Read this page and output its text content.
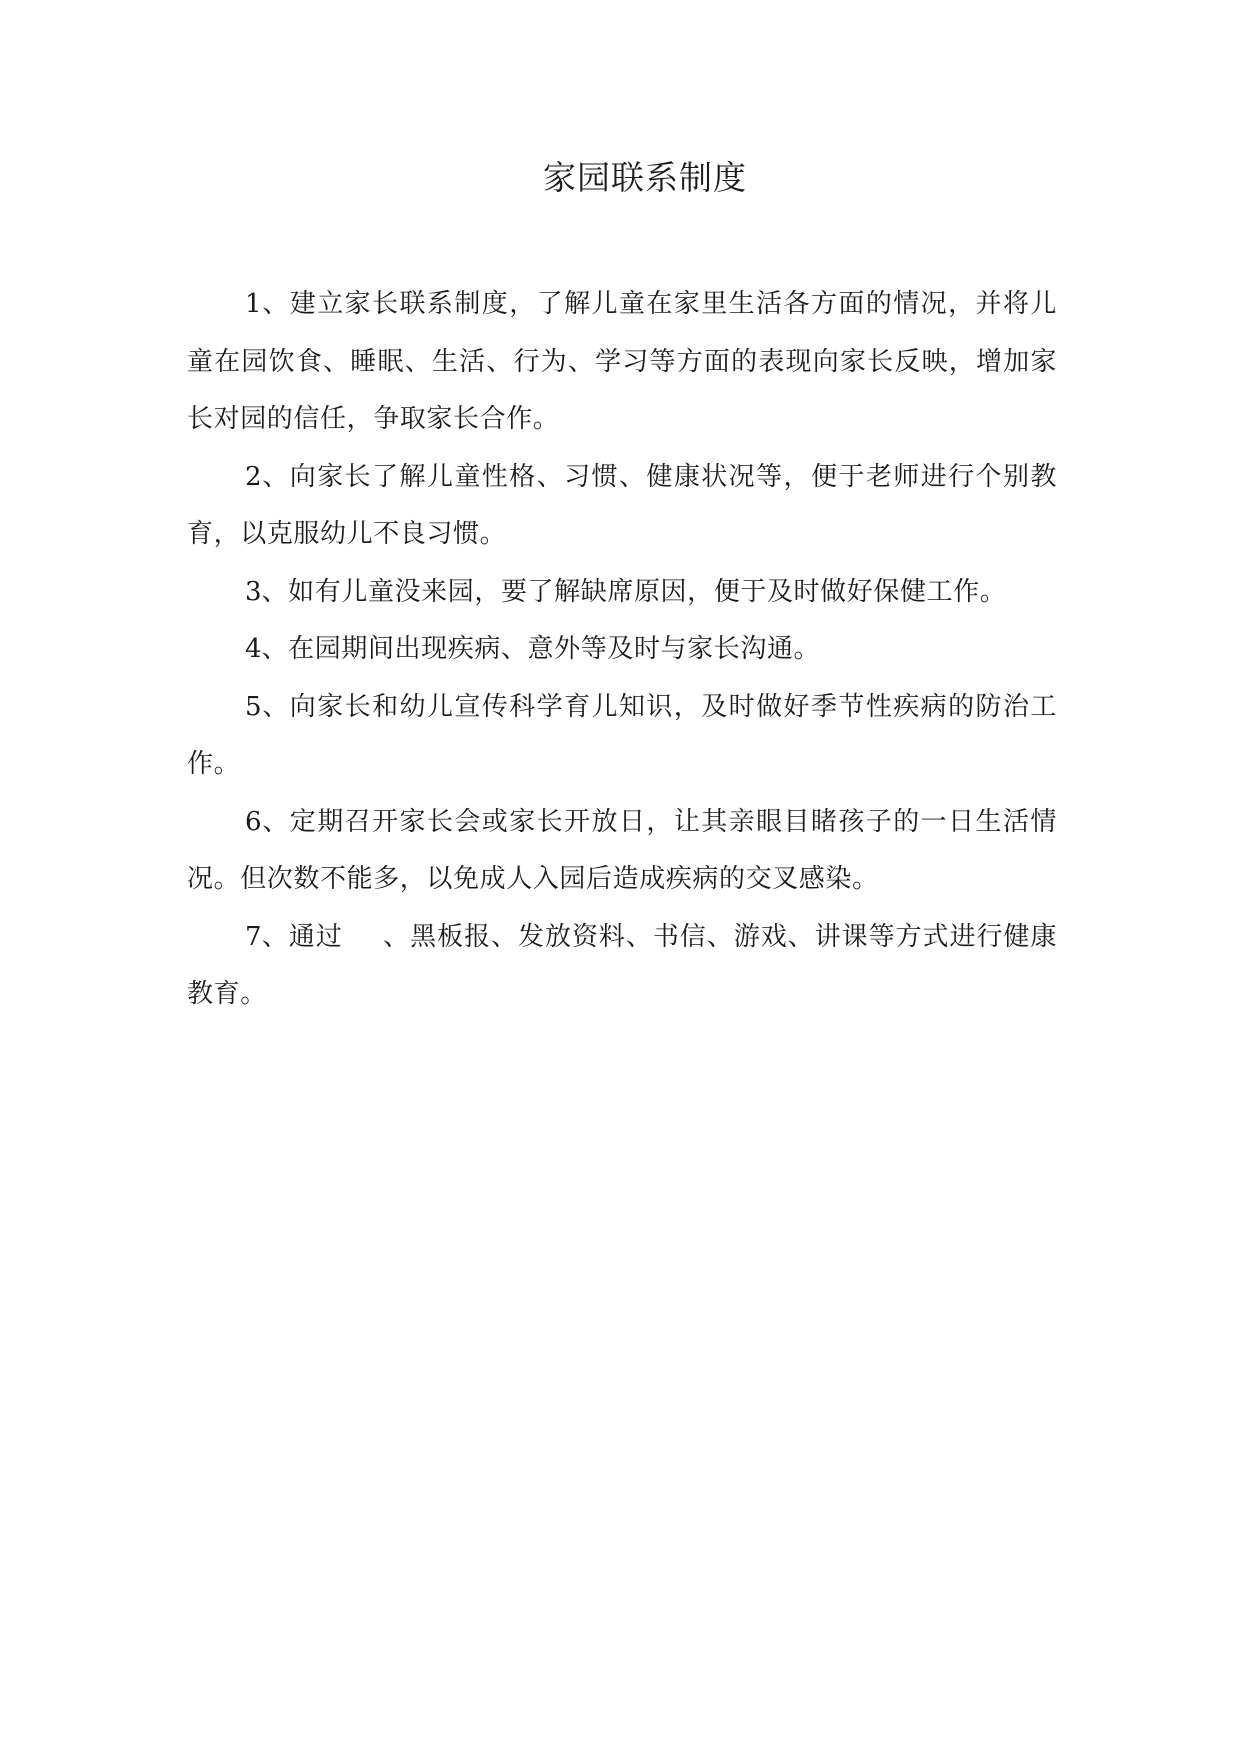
家园联系制度

1、建立家长联系制度，了解儿童在家里生活各方面的情况，并将儿童在园饮食、睡眠、生活、行为、学习等方面的表现向家长反映，增加家长对园的信任，争取家长合作。

2、向家长了解儿童性格、习惯、健康状况等，便于老师进行个别教育，以克服幼儿不良习惯。

3、如有儿童没来园，要了解缺席原因，便于及时做好保健工作。

4、在园期间出现疾病、意外等及时与家长沟通。

5、向家长和幼儿宣传科学育儿知识，及时做好季节性疾病的防治工作。

6、定期召开家长会或家长开放日，让其亲眼目睹孩子的一日生活情况。但次数不能多，以免成人入园后造成疾病的交叉感染。

7、通过 、黑板报、发放资料、书信、游戏、讲课等方式进行健康教育。
